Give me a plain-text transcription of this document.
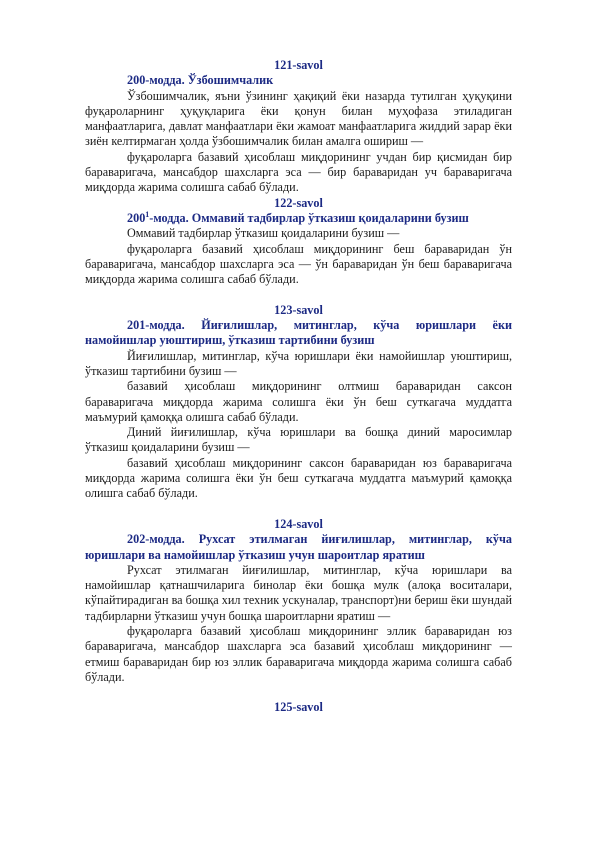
121-savol

200-модда. Ўзбошимчалик

Ўзбошимчалик, яъни ўзининг ҳақиқий ёки назарда тутилган ҳуқуқини фуқароларнинг ҳуқуқларига ёки қонун билан муҳофаза этиладиган манфаатларига, давлат манфаатлари ёки жамоат манфаатларига жиддий зарар ёки зиён келтирмаган ҳолда ўзбошимчалик билан амалга ошириш —

фуқароларга базавий ҳисоблаш миқдорининг учдан бир қисмидан бир бараваригача, мансабдор шахсларга эса — бир бараваридан уч бараваригача миқдорда жарима солишга сабаб бўлади.

122-savol

$200^1$-модда. Оммавий тадбирлар ўтказиш қоидаларини бузиш

Оммавий тадбирлар ўтказиш қоидаларини бузиш —

фуқароларга базавий ҳисоблаш миқдорининг беш бараваридан ўн бараваригача, мансабдор шахсларга эса — ўн бараваридан ўн беш бараваригача миқдорда жарима солишга сабаб бўлади.

123-savol

201-модда. Йиғилишлар, митинглар, кўча юришлари ёки намойишлар уюштириш, ўтказиш тартибини бузиш

Йиғилишлар, митинглар, кўча юришлари ёки намойишлар уюштириш, ўтказиш тартибини бузиш —

базавий ҳисоблаш миқдорининг олтмиш бараваридан саксон бараваригача миқдорда жарима солишга ёки ўн беш суткагача муддатга маъмурий қамоққа олишга сабаб бўлади.

Диний йиғилишлар, кўча юришлари ва бошқа диний маросимлар ўтказиш қоидаларини бузиш —

базавий ҳисоблаш миқдорининг саксон бараваридан юз бараваригача миқдорда жарима солишга ёки ўн беш суткагача муддатга маъмурий қамоққа олишга сабаб бўлади.

124-savol

202-модда. Рухсат этилмаган йиғилишлар, митинглар, кўча юришлари ва намойишлар ўтказиш учун шароитлар яратиш

Рухсат этилмаган йиғилишлар, митинглар, кўча юришлари ва намойишлар қатнашчиларига бинолар ёки бошқа мулк (алоқа воситалари, кўпайтирадиган ва бошқа хил техник ускуналар, транспорт)ни бериш ёки шундай тадбирларни ўтказиш учун бошқа шароитларни яратиш —

фуқароларга базавий ҳисоблаш миқдорининг эллик бараваридан юз бараваригача, мансабдор шахсларга эса базавий ҳисоблаш миқдорининг — етмиш бараваридан бир юз эллик бараваригача миқдорда жарима солишга сабаб бўлади.

125-savol
